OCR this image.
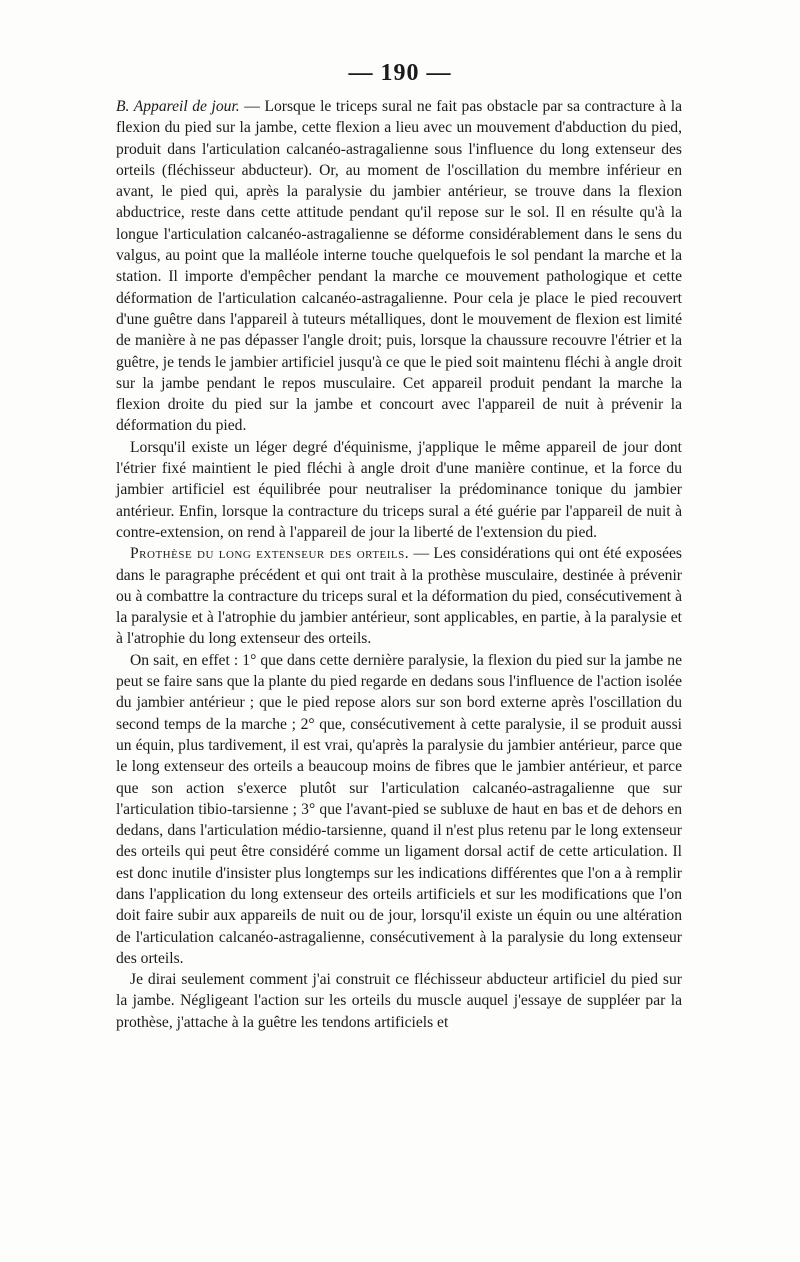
— 190 —

B. Appareil de jour. — Lorsque le triceps sural ne fait pas obstacle par sa contracture à la flexion du pied sur la jambe, cette flexion a lieu avec un mouvement d'abduction du pied, produit dans l'articulation calcanéo-astragalienne sous l'influence du long extenseur des orteils (fléchisseur abducteur). Or, au moment de l'oscillation du membre inférieur en avant, le pied qui, après la paralysie du jambier antérieur, se trouve dans la flexion abductrice, reste dans cette attitude pendant qu'il repose sur le sol. Il en résulte qu'à la longue l'articulation calcanéo-astragalienne se déforme considérablement dans le sens du valgus, au point que la malléole interne touche quelquefois le sol pendant la marche et la station. Il importe d'empêcher pendant la marche ce mouvement pathologique et cette déformation de l'articulation calcanéo-astragalienne. Pour cela je place le pied recouvert d'une guêtre dans l'appareil à tuteurs métalliques, dont le mouvement de flexion est limité de manière à ne pas dépasser l'angle droit; puis, lorsque la chaussure recouvre l'étrier et la guêtre, je tends le jambier artificiel jusqu'à ce que le pied soit maintenu fléchi à angle droit sur la jambe pendant le repos musculaire. Cet appareil produit pendant la marche la flexion droite du pied sur la jambe et concourt avec l'appareil de nuit à prévenir la déformation du pied.

Lorsqu'il existe un léger degré d'équinisme, j'applique le même appareil de jour dont l'étrier fixé maintient le pied fléchi à angle droit d'une manière continue, et la force du jambier artificiel est équilibrée pour neutraliser la prédominance tonique du jambier antérieur. Enfin, lorsque la contracture du triceps sural a été guérie par l'appareil de nuit à contre-extension, on rend à l'appareil de jour la liberté de l'extension du pied.

Prothèse du long extenseur des orteils. — Les considérations qui ont été exposées dans le paragraphe précédent et qui ont trait à la prothèse musculaire, destinée à prévenir ou à combattre la contracture du triceps sural et la déformation du pied, consécutivement à la paralysie et à l'atrophie du jambier antérieur, sont applicables, en partie, à la paralysie et à l'atrophie du long extenseur des orteils.

On sait, en effet : 1° que dans cette dernière paralysie, la flexion du pied sur la jambe ne peut se faire sans que la plante du pied regarde en dedans sous l'influence de l'action isolée du jambier antérieur ; que le pied repose alors sur son bord externe après l'oscillation du second temps de la marche ; 2° que, consécutivement à cette paralysie, il se produit aussi un équin, plus tardivement, il est vrai, qu'après la paralysie du jambier antérieur, parce que le long extenseur des orteils a beaucoup moins de fibres que le jambier antérieur, et parce que son action s'exerce plutôt sur l'articulation calcanéo-astragalienne que sur l'articulation tibio-tarsienne ; 3° que l'avant-pied se subluxe de haut en bas et de dehors en dedans, dans l'articulation médio-tarsienne, quand il n'est plus retenu par le long extenseur des orteils qui peut être considéré comme un ligament dorsal actif de cette articulation. Il est donc inutile d'insister plus longtemps sur les indications différentes que l'on a à remplir dans l'application du long extenseur des orteils artificiels et sur les modifications que l'on doit faire subir aux appareils de nuit ou de jour, lorsqu'il existe un équin ou une altération de l'articulation calcanéo-astragalienne, consécutivement à la paralysie du long extenseur des orteils.

Je dirai seulement comment j'ai construit ce fléchisseur abducteur artificiel du pied sur la jambe. Négligeant l'action sur les orteils du muscle auquel j'essaye de suppléer par la prothèse, j'attache à la guêtre les tendons artificiels et
